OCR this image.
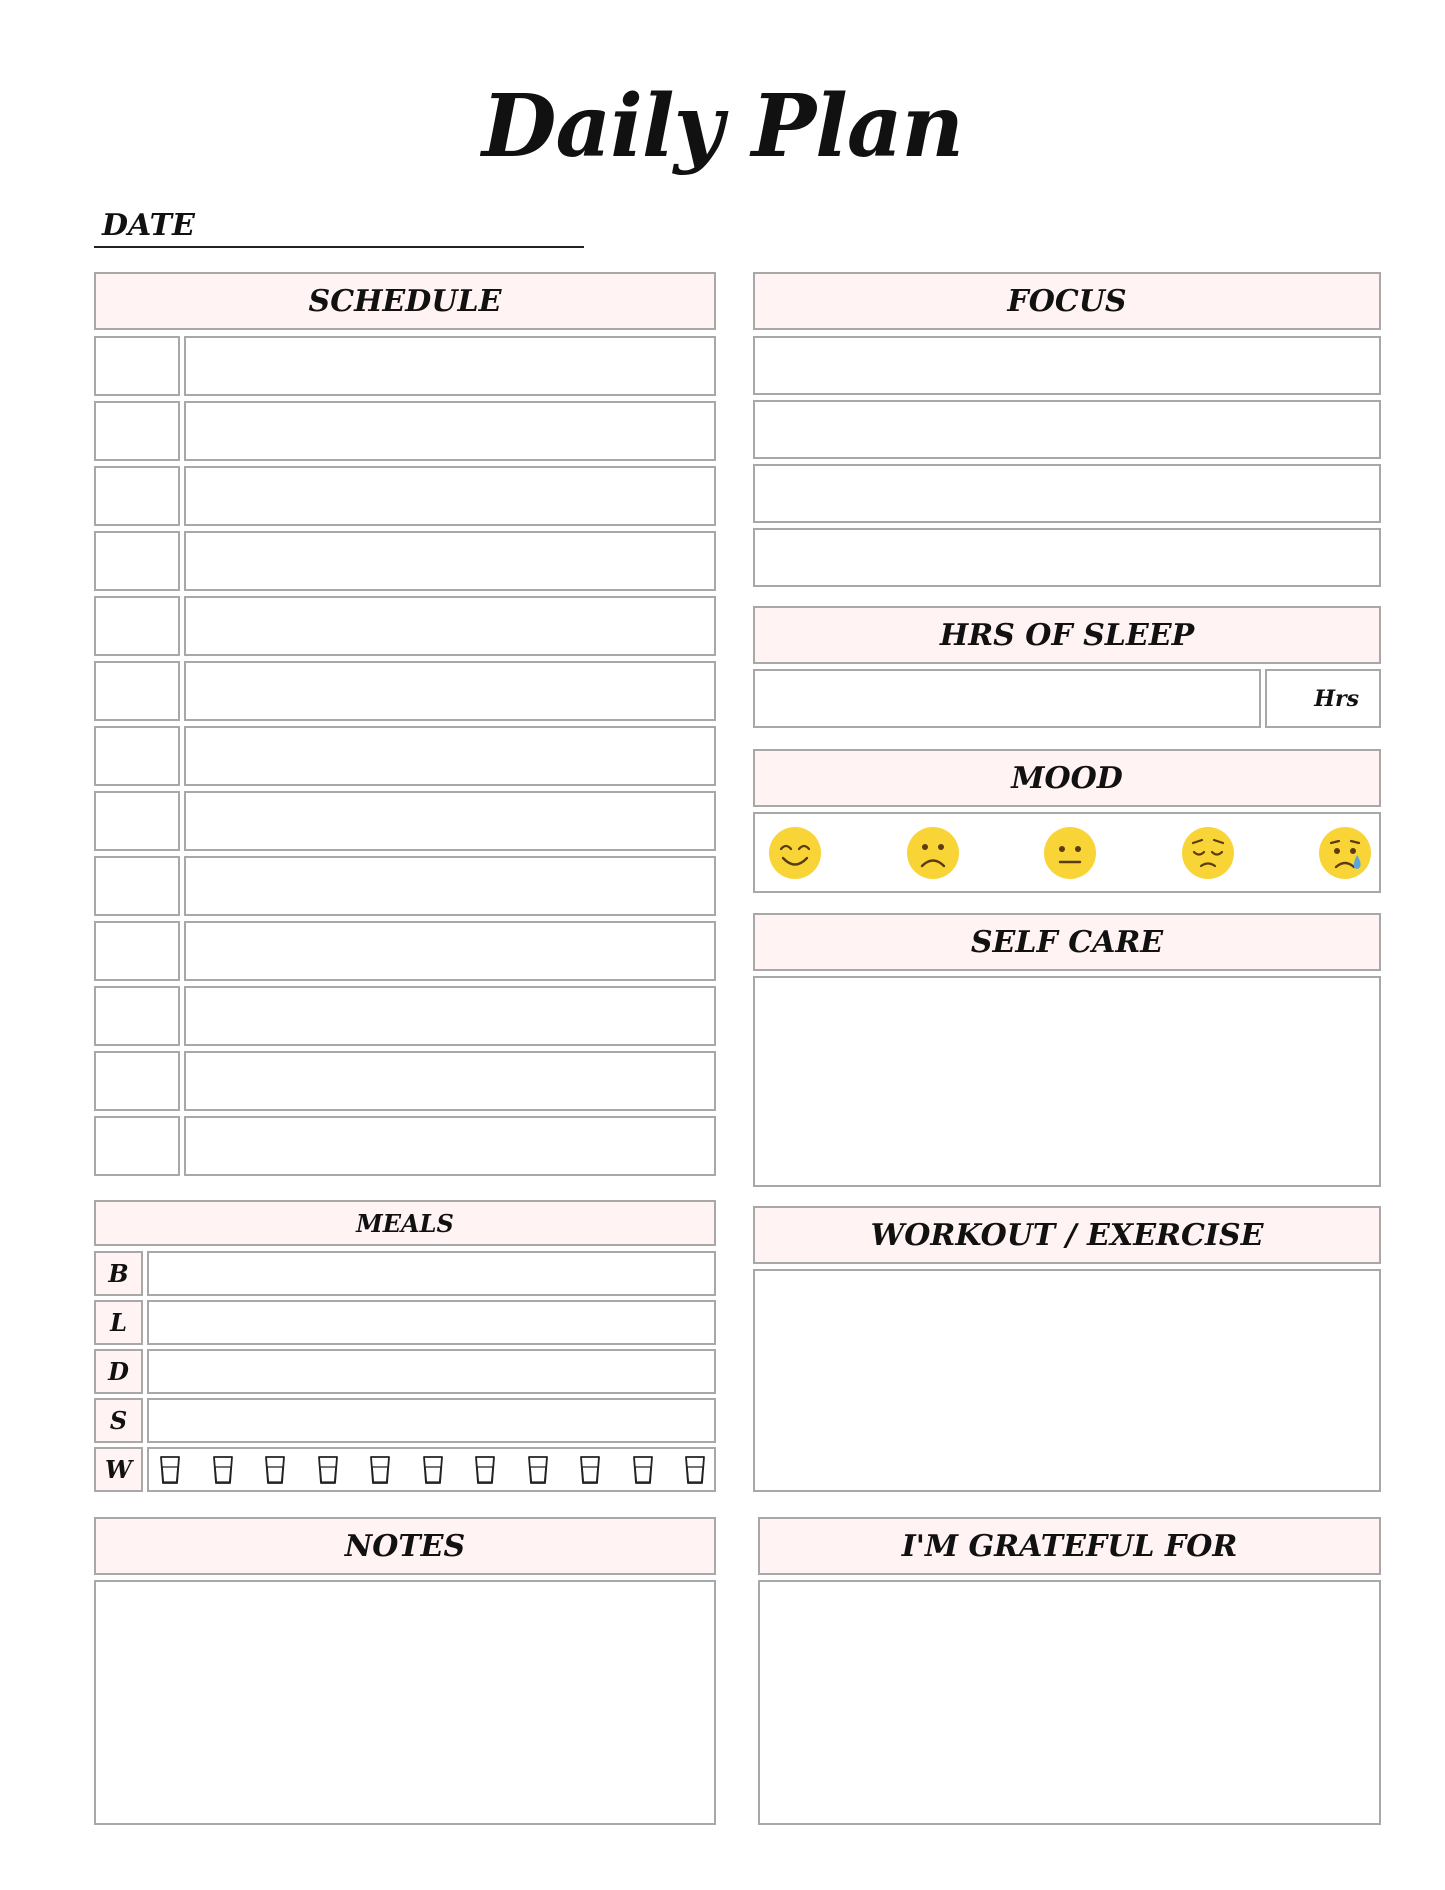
Daily Plan
DATE
SCHEDULE	FOCUS
HRS OF SLEEP
Hrs
MOOD
SELF CARE
MEALS
B
L
D
S
W
WORKOUT / EXERCISE
NOTES	I'M GRATEFUL FOR
